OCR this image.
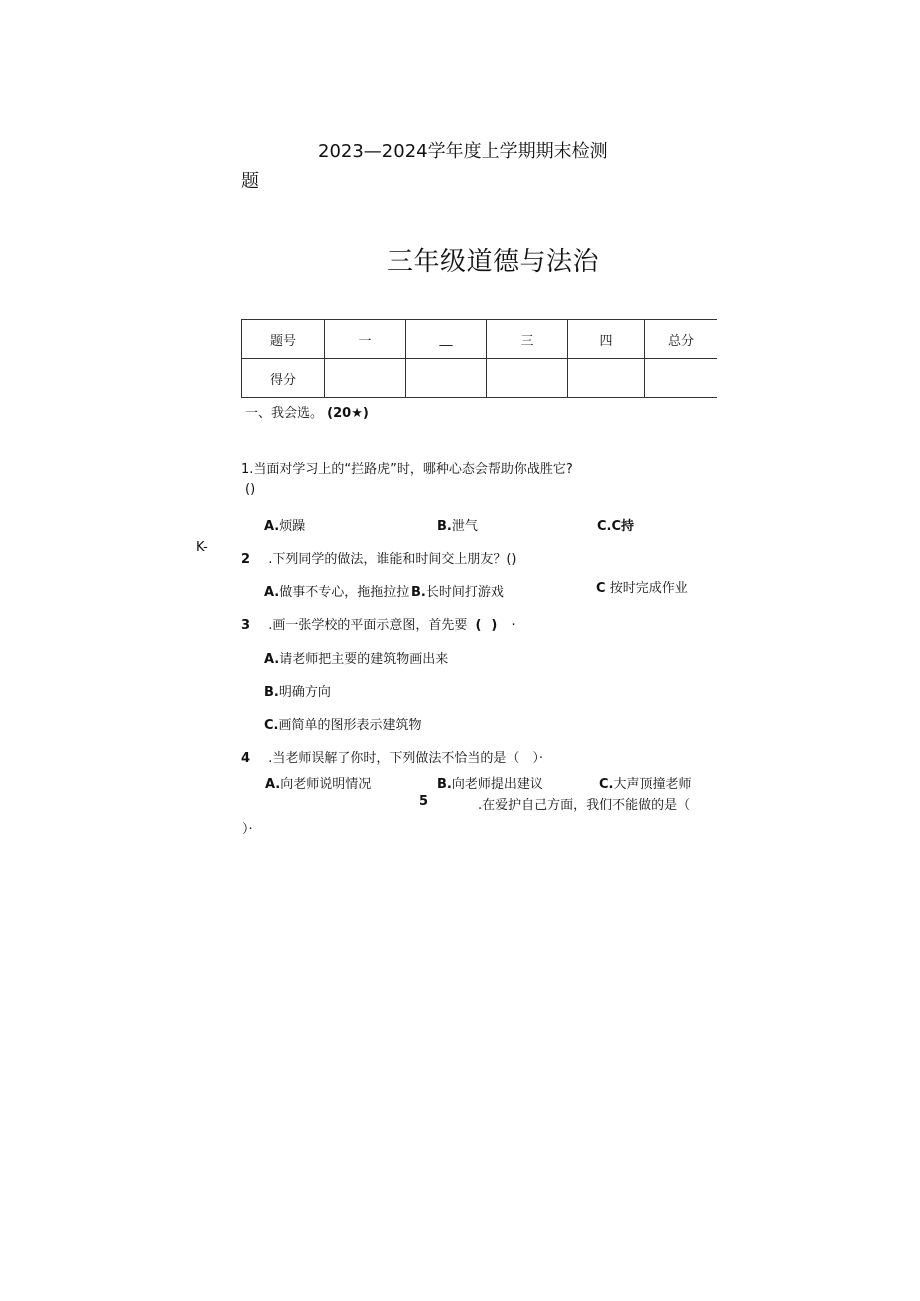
2023—2024学年度上学期期末检测
题
三年级道德与法治
题号	一	__	三	四	总分
得分					
一、我会选。 (20★)
1.当面对学习上的“拦路虎”时，哪种心态会帮助你战胜它?
()
A.烦躁	B.泄气	C.C持
K-
2 .下列同学的做法，谁能和时间交上朋友？()
A.做事不专心，拖拖拉拉 B.长时间打游戏	C 按时完成作业
3 .画一张学校的平面示意图，首先要 () ·
A.请老师把主要的建筑物画出来
B.明确方向
C.画简单的图形表示建筑物
4 .当老师误解了你时，下列做法不恰当的是（　）·
A.向老师说明情况	B.向老师提出建议	C.大声顶撞老师
5	.在爱护自己方面，我们不能做的是（
）·
